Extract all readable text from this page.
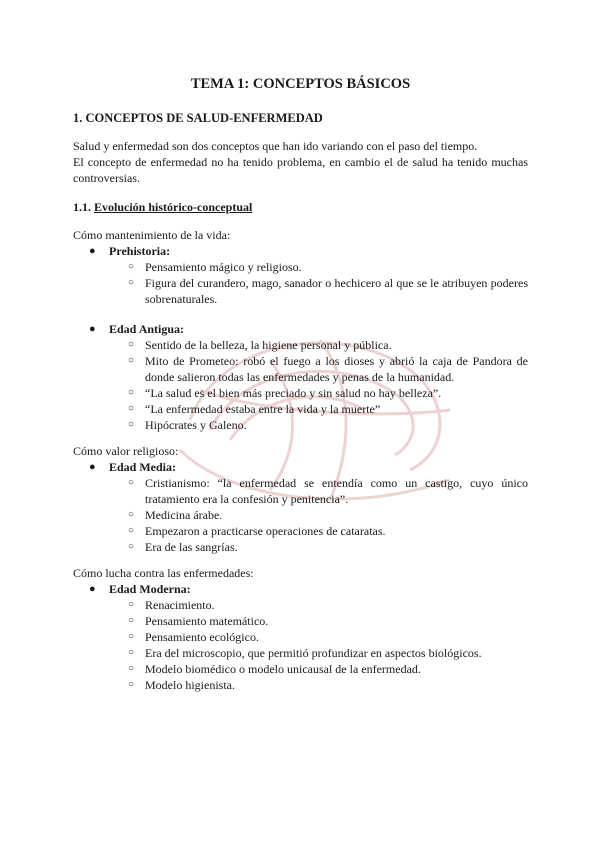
TEMA 1: CONCEPTOS BÁSICOS
1. CONCEPTOS DE SALUD-ENFERMEDAD

Salud y enfermedad son dos conceptos que han ido variando con el paso del tiempo.

El concepto de enfermedad no ha tenido problema, en cambio el de salud ha tenido muchas controversias.

1.1. Evolución histórico-conceptual
Cómo mantenimiento de la vida:
● Prehistoria:
○ Pensamiento mágico y religioso.
○ Figura del curandero, mago, sanador o hechicero al que se le atribuyen poderes sobrenaturales.
● Edad Antigua:
○ Sentido de la belleza, la higiene personal y pública.
○ Mito de Prometeo: robó el fuego a los dioses y abrió la caja de Pandora de donde salieron todas las enfermedades y penas de la humanidad.
○ “La salud es el bien más preciado y sin salud no hay belleza”.
○ “La enfermedad estaba entre la vida y la muerte”
○ Hipócrates y Galeno.
Cómo valor religioso:
● Edad Media:
○ Cristianismo: “la enfermedad se entendía como un castigo, cuyo único tratamiento era la confesión y penitencia”.
○ Medicina árabe.
○ Empezaron a practicarse operaciones de cataratas.
○ Era de las sangrías.
Cómo lucha contra las enfermedades:
● Edad Moderna:
○ Renacimiento.
○ Pensamiento matemático.
○ Pensamiento ecológico.
○ Era del microscopio, que permitió profundizar en aspectos biológicos.
○ Modelo biomédico o modelo unicausal de la enfermedad.
○ Modelo higienista.
